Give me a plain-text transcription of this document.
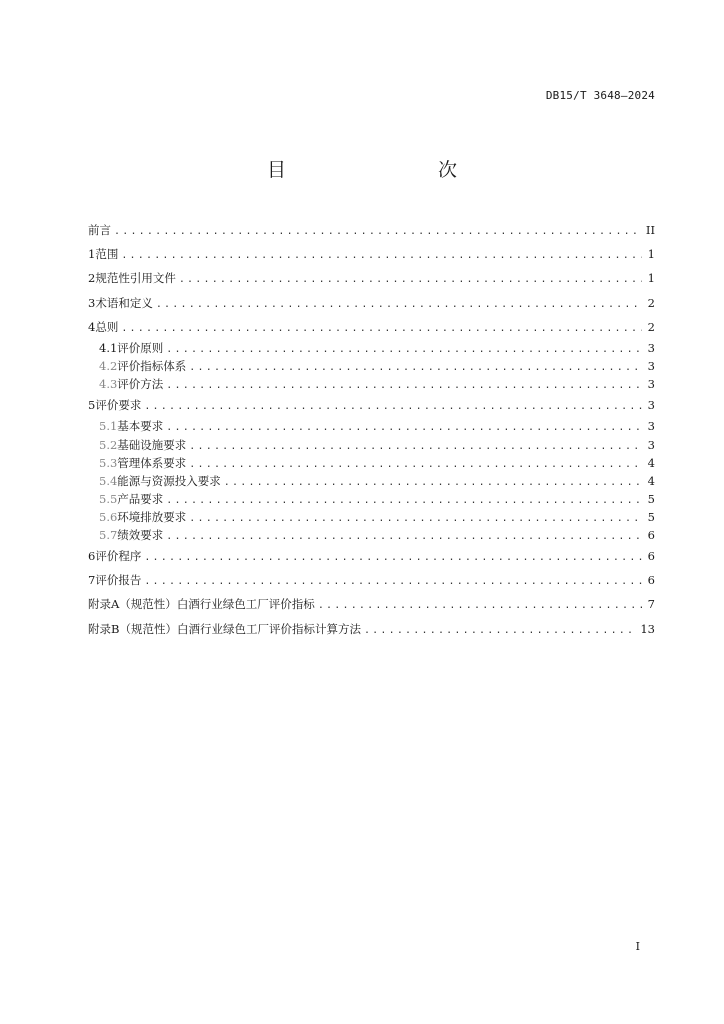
DB15/T 3648—2024
目　　次
前言 .....	II
1 范围 .....	1
2 规范性引用文件 .....	1
3 术语和定义 .....	2
4 总则 .....	2
4.1 评价原则 .....	3
4.2 评价指标体系 .....	3
4.3 评价方法 .....	3
5 评价要求 .....	3
5.1 基本要求 .....	3
5.2 基础设施要求 .....	3
5.3 管理体系要求 .....	4
5.4 能源与资源投入要求 .....	4
5.5 产品要求 .....	5
5.6 环境排放要求 .....	5
5.7 绩效要求 .....	6
6 评价程序 .....	6
7 评价报告 .....	6
附录A（规范性） 白酒行业绿色工厂评价指标 .....	7
附录B（规范性） 白酒行业绿色工厂评价指标计算方法 .....	13
I
